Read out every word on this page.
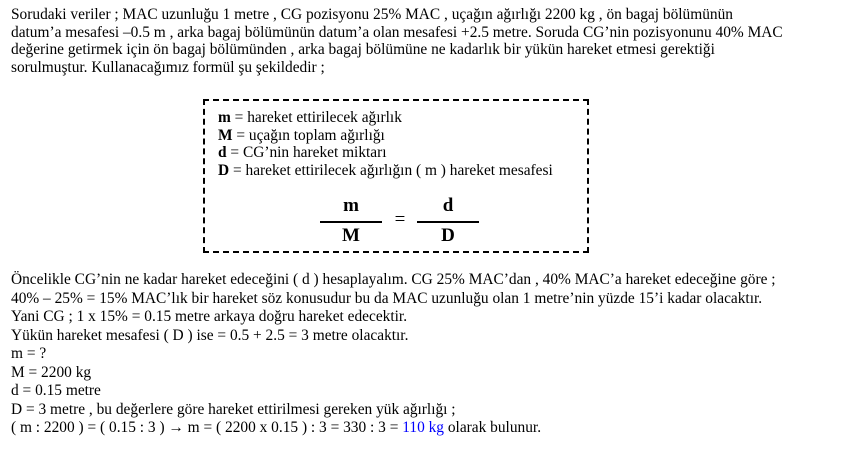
Sorudaki veriler ; MAC uzunluğu 1 metre , CG pozisyonu 25% MAC , uçağın ağırlığı 2200 kg , ön bagaj bölümünün
datum’a mesafesi –0.5 m , arka bagaj bölümünün datum’a olan mesafesi +2.5 metre. Soruda CG’nin pozisyonunu 40% MAC
değerine getirmek için ön bagaj bölümünden , arka bagaj bölümüne ne kadarlık bir yükün hareket etmesi gerektiği
sorulmuştur. Kullanacağımız formül şu şekildedir ;
m = hareket ettirilecek ağırlık
M = uçağın toplam ağırlığı
d = CG’nin hareket miktarı
D = hareket ettirilecek ağırlığın ( m ) hareket mesafesi
m
M
=
d
D
Öncelikle CG’nin ne kadar hareket edeceğini ( d ) hesaplayalım. CG 25% MAC’dan , 40% MAC’a hareket edeceğine göre ;
40% – 25% = 15% MAC’lık bir hareket söz konusudur bu da MAC uzunluğu olan 1 metre’nin yüzde 15’i kadar olacaktır.
Yani CG ; 1 x 15% = 0.15 metre arkaya doğru hareket edecektir.
Yükün hareket mesafesi ( D ) ise = 0.5 + 2.5 = 3 metre olacaktır.
m = ?
M = 2200 kg
d = 0.15 metre
D = 3 metre , bu değerlere göre hareket ettirilmesi gereken yük ağırlığı ;
( m : 2200 ) = ( 0.15 : 3 ) → m = ( 2200 x 0.15 ) : 3 = 330 : 3 = 110 kg olarak bulunur.
